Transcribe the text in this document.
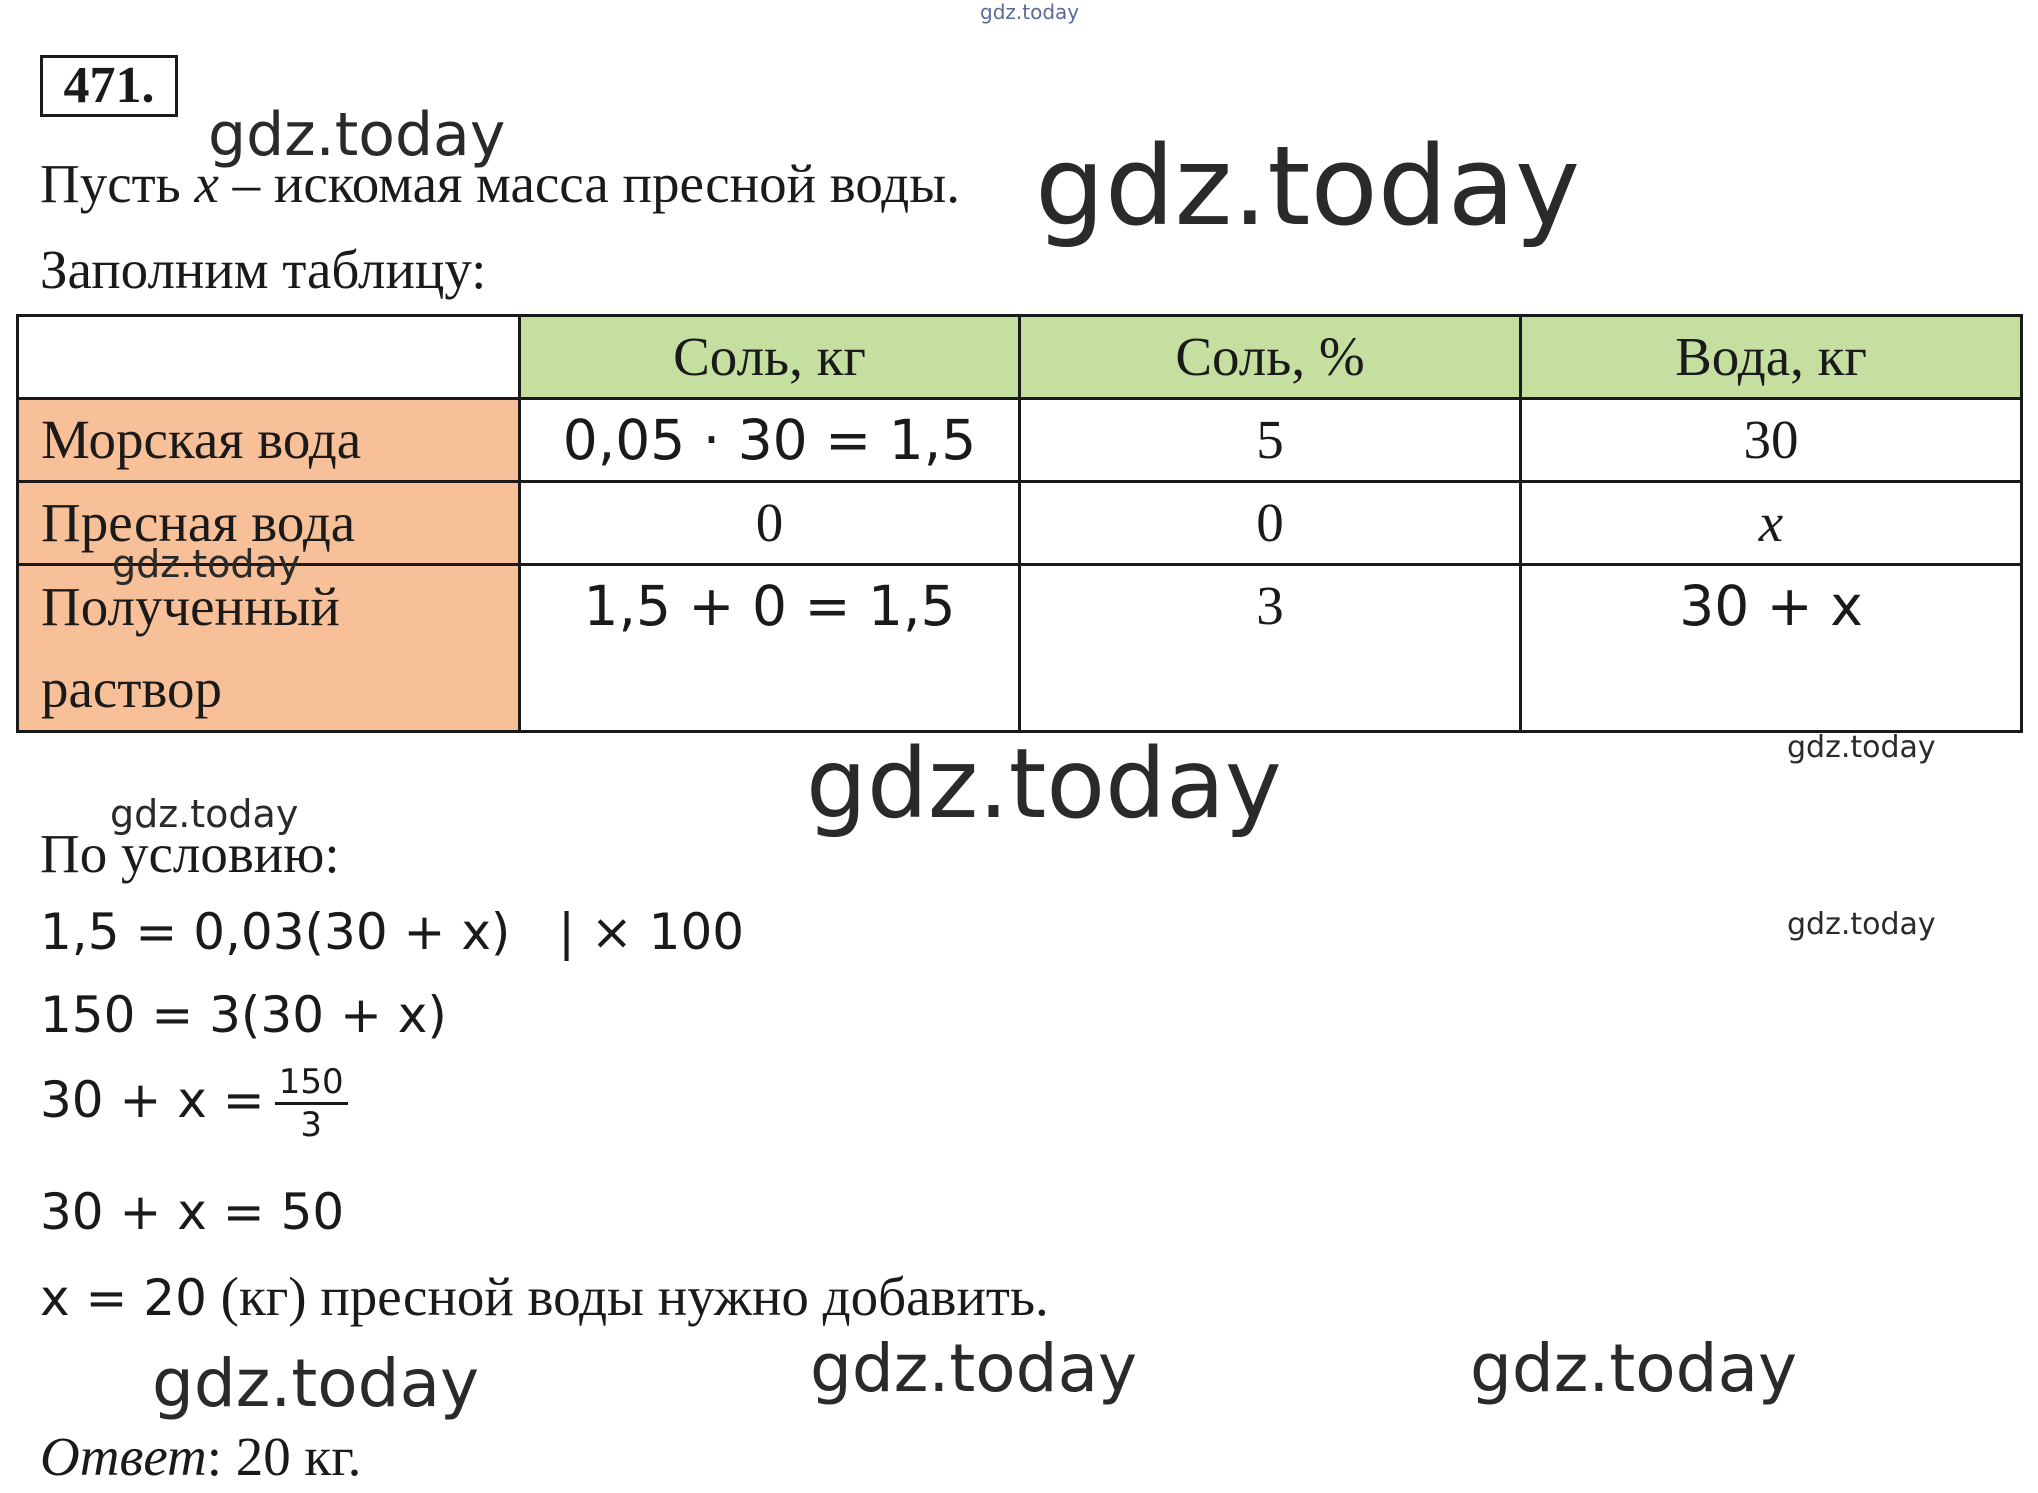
gdz.today
471.
Пусть x – искомая масса пресной воды.
Заполним таблицу:
	Соль, кг	Соль, %	Вода, кг
Морская вода	0,05 · 30 = 1,5	5	30
Пресная вода	0	0	x

Полученный
раствор	1,5 + 0 = 1,5	3	30 + x
По условию:
1,5 = 0,03(30 + x)   | × 100
150 = 3(30 + x)
$30 + x = \frac{150}{3}$
30 + x = 50
x = 20 (кг) пресной воды нужно добавить.
Ответ: 20 кг.
gdz.today	gdz.today
gdz.today
gdz.today
gdz.today
gdz.today
gdz.today
gdz.today	gdz.today	gdz.today
